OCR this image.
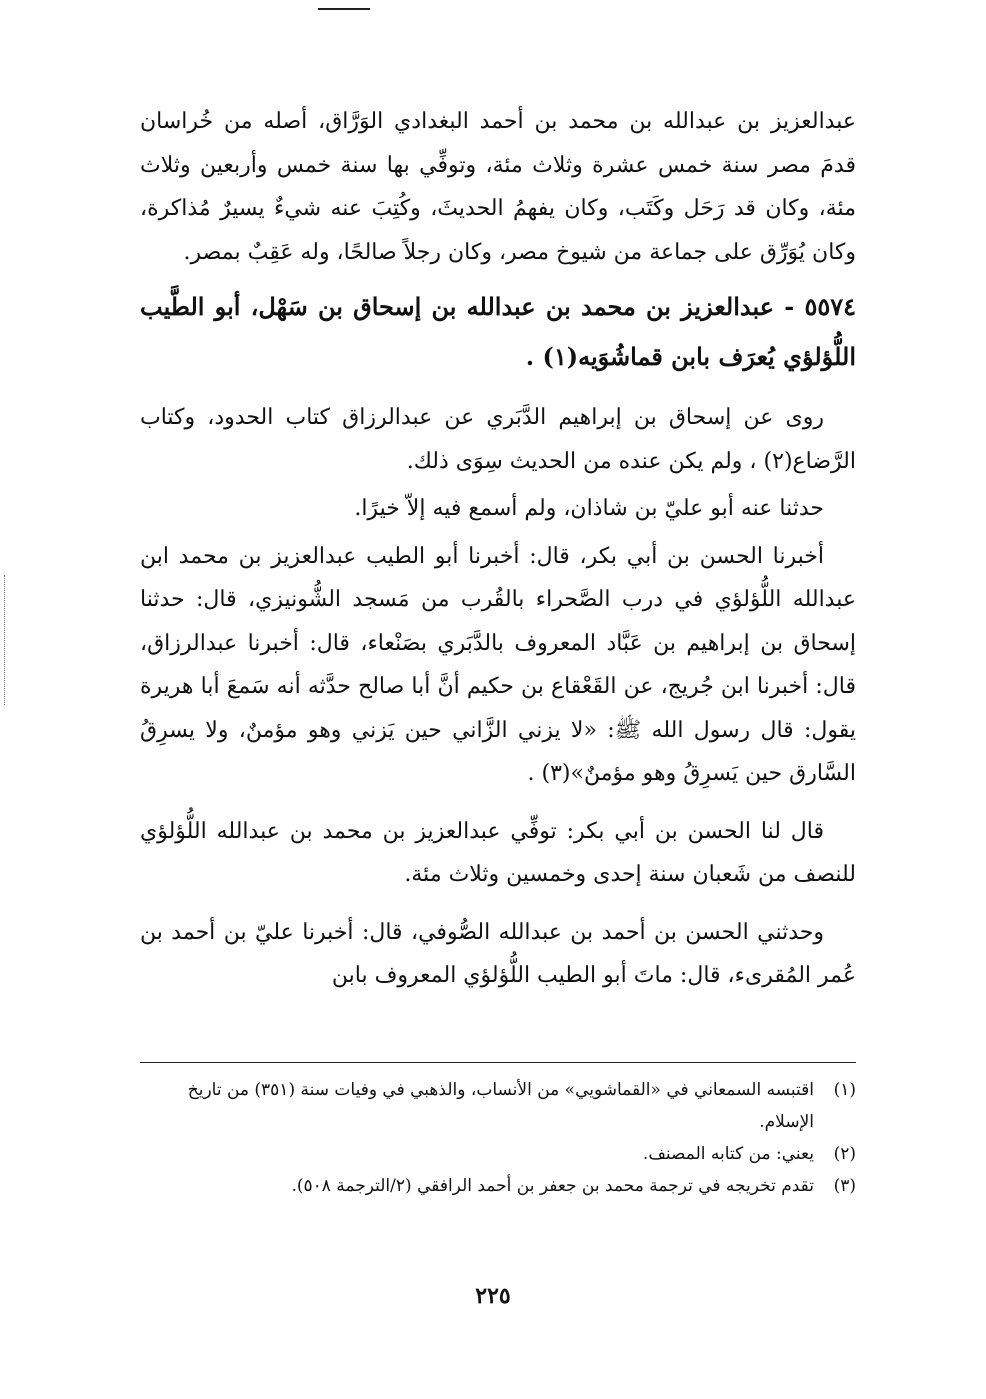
عبدالعزيز بن عبدالله بن محمد بن أحمد البغدادي الوَرَّاق، أصله من خُراسان قدمَ مصر سنة خمس عشرة وثلاث مئة، وتوفِّي بها سنة خمس وأربعين وثلاث مئة، وكان قد رَحَل وكَتَب، وكان يفهمُ الحديثَ، وكُتِبَ عنه شيءٌ يسيرٌ مُذاكرة، وكان يُوَرِّق على جماعة من شيوخ مصر، وكان رجلاً صالحًا، وله عَقِبٌ بمصر.

٥٥٧٤ - عبدالعزيز بن محمد بن عبدالله بن إسحاق بن سَهْل، أبو الطَّيب اللُّؤلؤي يُعرَف بابن قماشُوَيه(١) .

روى عن إسحاق بن إبراهيم الدَّبَري عن عبدالرزاق كتاب الحدود، وكتاب الرَّضاع(٢) ، ولم يكن عنده من الحديث سِوَى ذلك.

حدثنا عنه أبو عليّ بن شاذان، ولم أسمع فيه إلاّ خيرًا.

أخبرنا الحسن بن أبي بكر، قال: أخبرنا أبو الطيب عبدالعزيز بن محمد ابن عبدالله اللُّؤلؤي في درب الصَّحراء بالقُرب من مَسجد الشُّونيزي، قال: حدثنا إسحاق بن إبراهيم بن عَبَّاد المعروف بالدَّبَري بصَنْعاء، قال: أخبرنا عبدالرزاق، قال: أخبرنا ابن جُريج، عن القَعْقاع بن حكيم أنَّ أبا صالح حدَّثه أنه سَمعَ أبا هريرة يقول: قال رسول الله ﷺ: «لا يزني الزَّاني حين يَزني وهو مؤمنٌ، ولا يسرِقُ السَّارق حين يَسرِقُ وهو مؤمنٌ»(٣) .

قال لنا الحسن بن أبي بكر: توفِّي عبدالعزيز بن محمد بن عبدالله اللُّؤلؤي للنصف من شَعبان سنة إحدى وخمسين وثلاث مئة.

وحدثني الحسن بن أحمد بن عبدالله الصُّوفي، قال: أخبرنا عليّ بن أحمد بن عُمر المُقرىء، قال: ماتَ أبو الطيب اللُّؤلؤي المعروف بابن

(١)
اقتبسه السمعاني في «القماشويي» من الأنساب، والذهبي في وفيات سنة (٣٥١) من تاريخ الإسلام.
(٢)
يعني: من كتابه المصنف.
(٣)
تقدم تخريجه في ترجمة محمد بن جعفر بن أحمد الرافقي (٢/الترجمة ٥٠٨).
٢٢٥
